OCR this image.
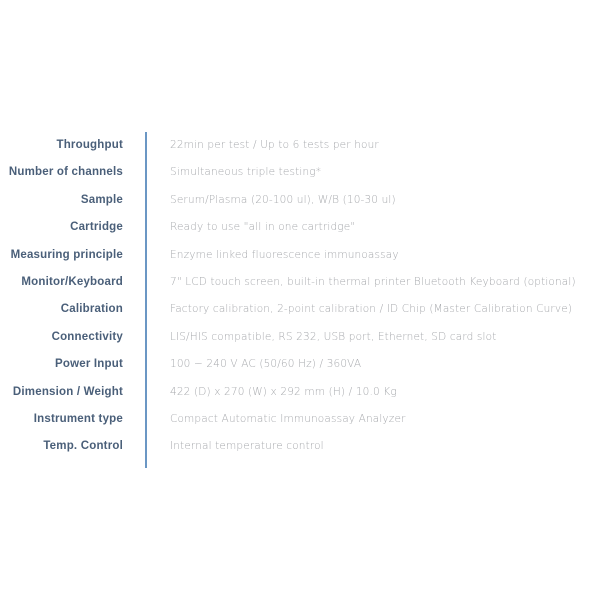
Throughput	22min per test / Up to 6 tests per hour
Number of channels	Simultaneous triple testing*
Sample	Serum/Plasma (20-100 ul), W/B (10-30 ul)
Cartridge	Ready to use "all in one cartridge"
Measuring principle	Enzyme linked fluorescence immunoassay
Monitor/Keyboard	7" LCD touch screen, built-in thermal printer Bluetooth Keyboard (optional)
Calibration	Factory calibration, 2-point calibration / ID Chip (Master Calibration Curve)
Connectivity	LIS/HIS compatible, RS 232, USB port, Ethernet, SD card slot
Power Input	100 ~ 240 V AC (50/60 Hz) / 360VA
Dimension / Weight	422 (D) x 270 (W) x 292 mm (H) / 10.0 Kg
Instrument type	Compact Automatic Immunoassay Analyzer
Temp. Control	Internal temperature control
